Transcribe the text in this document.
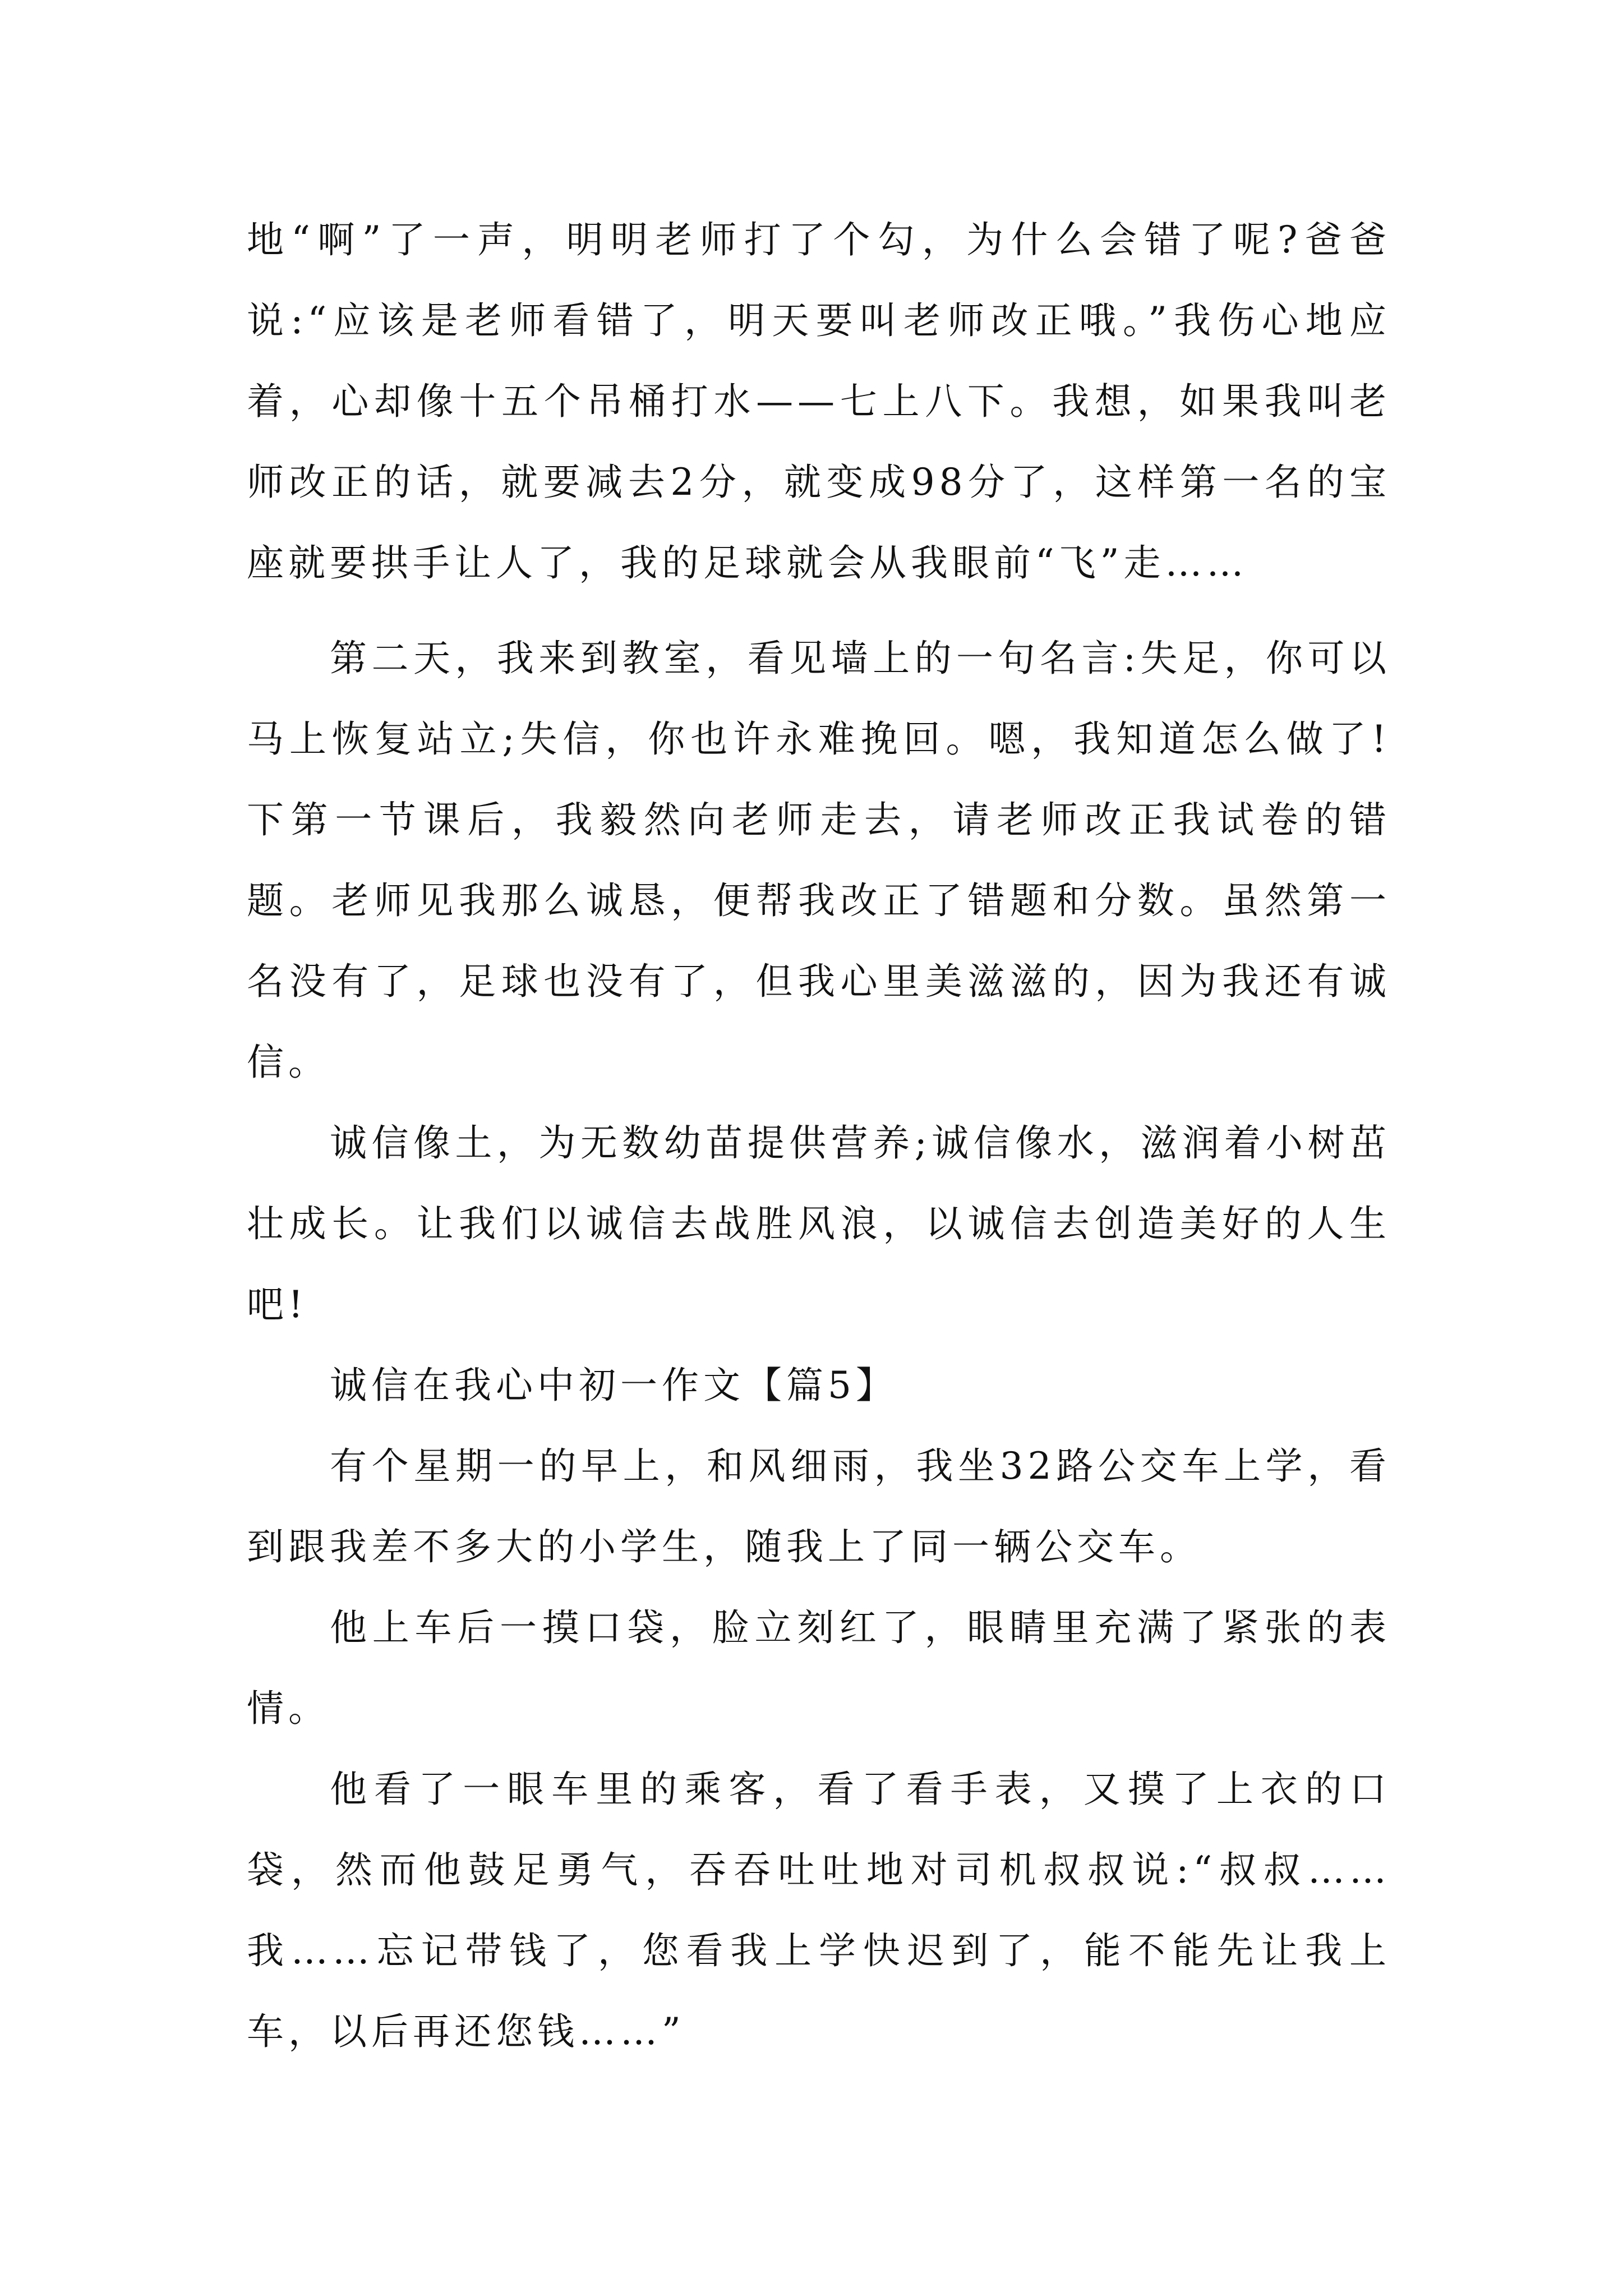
地“啊”了一声，明明老师打了个勾，为什么会错了呢?爸爸说:“应该是老师看错了，明天要叫老师改正哦。”我伤心地应着，心却像十五个吊桶打水——七上八下。我想，如果我叫老师改正的话，就要减去2分，就变成98分了，这样第一名的宝座就要拱手让人了，我的足球就会从我眼前“飞”走……

第二天，我来到教室，看见墙上的一句名言:失足，你可以马上恢复站立;失信，你也许永难挽回。嗯，我知道怎么做了!下第一节课后，我毅然向老师走去，请老师改正我试卷的错题。老师见我那么诚恳，便帮我改正了错题和分数。虽然第一名没有了，足球也没有了，但我心里美滋滋的，因为我还有诚信。

诚信像土，为无数幼苗提供营养;诚信像水，滋润着小树茁壮成长。让我们以诚信去战胜风浪，以诚信去创造美好的人生吧!

诚信在我心中初一作文【篇5】

有个星期一的早上，和风细雨，我坐32路公交车上学，看到跟我差不多大的小学生，随我上了同一辆公交车。

他上车后一摸口袋，脸立刻红了，眼睛里充满了紧张的表情。

他看了一眼车里的乘客，看了看手表，又摸了上衣的口袋，然而他鼓足勇气，吞吞吐吐地对司机叔叔说:“叔叔……我……忘记带钱了，您看我上学快迟到了，能不能先让我上车，以后再还您钱……”
